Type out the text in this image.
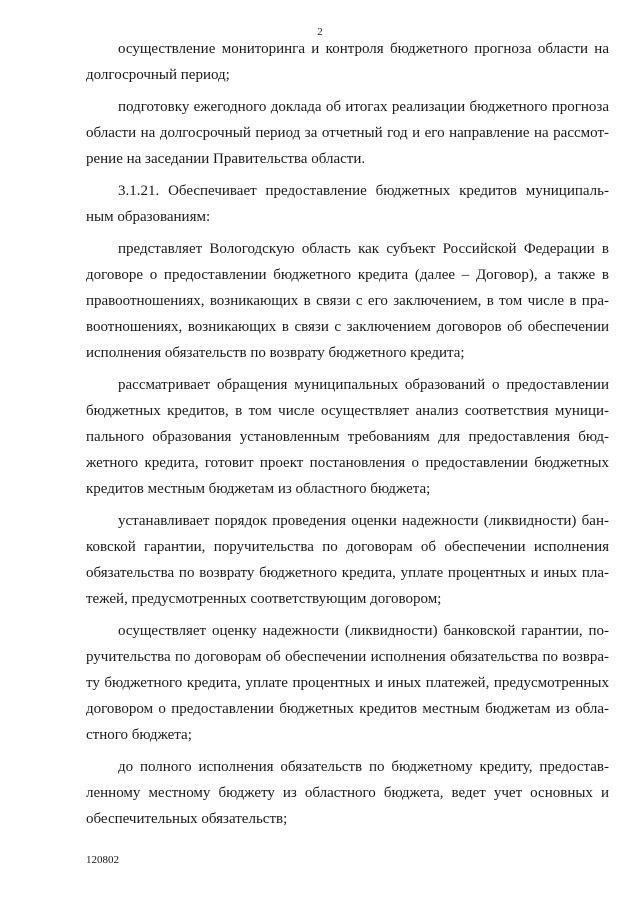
2

осуществление мониторинга и контроля бюджетного прогноза области на
долгосрочный период;

подготовку ежегодного доклада об итогах реализации бюджетного прогноза
области на долгосрочный период за отчетный год и его направление на рассмот-
рение на заседании Правительства области.

3.1.21. Обеспечивает предоставление бюджетных кредитов муниципаль-
ным образованиям:

представляет Вологодскую область как субъект Российской Федерации в
договоре о предоставлении бюджетного кредита (далее – Договор), а также в
правоотношениях, возникающих в связи с его заключением, в том числе в пра-
воотношениях, возникающих в связи с заключением договоров об обеспечении
исполнения обязательств по возврату бюджетного кредита;

рассматривает обращения муниципальных образований о предоставлении
бюджетных кредитов, в том числе осуществляет анализ соответствия муници-
пального образования установленным требованиям для предоставления бюд-
жетного кредита, готовит проект постановления о предоставлении бюджетных
кредитов местным бюджетам из областного бюджета;

устанавливает порядок проведения оценки надежности (ликвидности) бан-
ковской гарантии, поручительства по договорам об обеспечении исполнения
обязательства по возврату бюджетного кредита, уплате процентных и иных пла-
тежей, предусмотренных соответствующим договором;

осуществляет оценку надежности (ликвидности) банковской гарантии, по-
ручительства по договорам об обеспечении исполнения обязательства по возвра-
ту бюджетного кредита, уплате процентных и иных платежей, предусмотренных
договором о предоставлении бюджетных кредитов местным бюджетам из обла-
стного бюджета;

до полного исполнения обязательств по бюджетному кредиту, предостав-
ленному местному бюджету из областного бюджета, ведет учет основных и
обеспечительных обязательств;

120802
